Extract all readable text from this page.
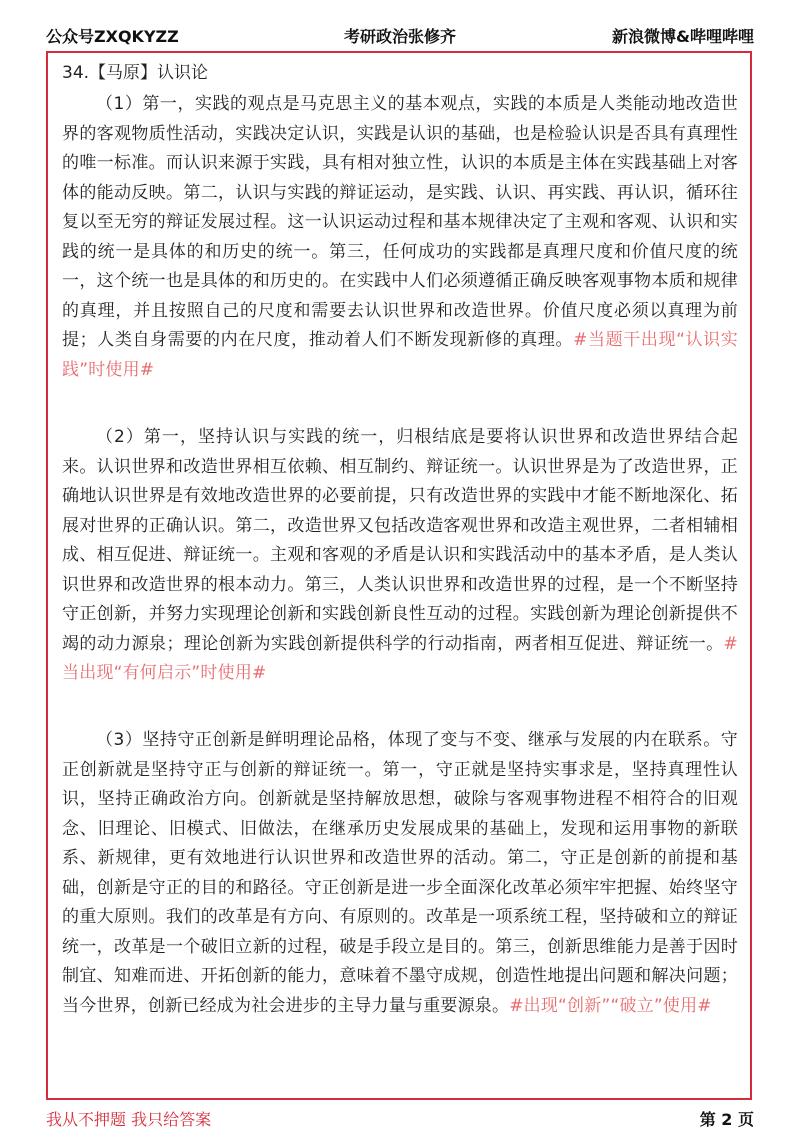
考研政治张修齐
公众号ZXQKYZZ	新浪微博&哔哩哔哩
34.【马原】认识论
（1）第一，实践的观点是马克思主义的基本观点，实践的本质是人类能动地改造世界的客观物质性活动，实践决定认识，实践是认识的基础，也是检验认识是否具有真理性的唯一标准。而认识来源于实践，具有相对独立性，认识的本质是主体在实践基础上对客体的能动反映。第二，认识与实践的辩证运动，是实践、认识、再实践、再认识，循环往复以至无穷的辩证发展过程。这一认识运动过程和基本规律决定了主观和客观、认识和实践的统一是具体的和历史的统一。第三，任何成功的实践都是真理尺度和价值尺度的统一，这个统一也是具体的和历史的。在实践中人们必须遵循正确反映客观事物本质和规律的真理，并且按照自己的尺度和需要去认识世界和改造世界。价值尺度必须以真理为前提；人类自身需要的内在尺度，推动着人们不断发现新修的真理。#当题干出现“认识实践”时使用#
（2）第一，坚持认识与实践的统一，归根结底是要将认识世界和改造世界结合起来。认识世界和改造世界相互依赖、相互制约、辩证统一。认识世界是为了改造世界，正确地认识世界是有效地改造世界的必要前提，只有改造世界的实践中才能不断地深化、拓展对世界的正确认识。第二，改造世界又包括改造客观世界和改造主观世界，二者相辅相成、相互促进、辩证统一。主观和客观的矛盾是认识和实践活动中的基本矛盾，是人类认识世界和改造世界的根本动力。第三，人类认识世界和改造世界的过程，是一个不断坚持守正创新，并努力实现理论创新和实践创新良性互动的过程。实践创新为理论创新提供不竭的动力源泉；理论创新为实践创新提供科学的行动指南，两者相互促进、辩证统一。#当出现“有何启示”时使用#
（3）坚持守正创新是鲜明理论品格，体现了变与不变、继承与发展的内在联系。守正创新就是坚持守正与创新的辩证统一。第一，守正就是坚持实事求是，坚持真理性认识，坚持正确政治方向。创新就是坚持解放思想，破除与客观事物进程不相符合的旧观念、旧理论、旧模式、旧做法，在继承历史发展成果的基础上，发现和运用事物的新联系、新规律，更有效地进行认识世界和改造世界的活动。第二，守正是创新的前提和基础，创新是守正的目的和路径。守正创新是进一步全面深化改革必须牢牢把握、始终坚守的重大原则。我们的改革是有方向、有原则的。改革是一项系统工程，坚持破和立的辩证统一，改革是一个破旧立新的过程，破是手段立是目的。第三，创新思维能力是善于因时制宜、知难而进、开拓创新的能力，意味着不墨守成规，创造性地提出问题和解决问题；当今世界，创新已经成为社会进步的主导力量与重要源泉。#出现“创新”“破立”使用#
我从不押题 我只给答案	第 2 页
